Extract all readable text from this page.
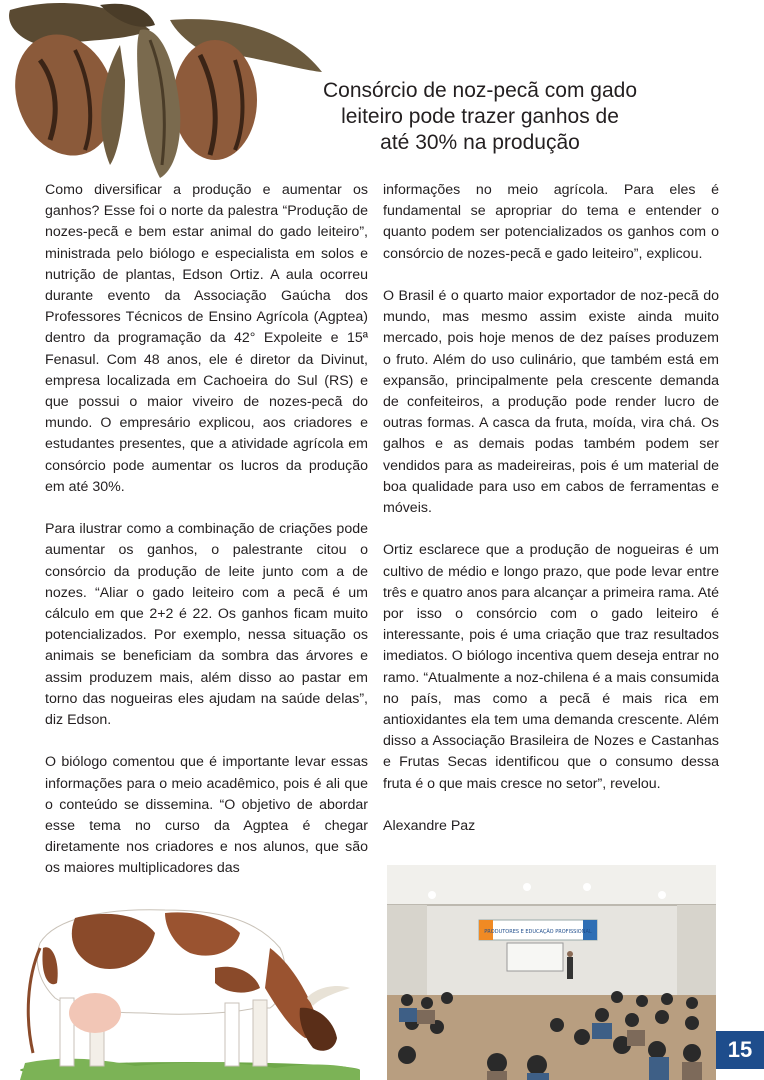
Consórcio de noz-pecã com gado
leiteiro pode trazer ganhos de
até 30% na produção

Como diversificar a produção e aumentar os ganhos? Esse foi o norte da palestra “Produção de nozes-pecã e bem estar animal do gado leiteiro”, ministrada pelo biólogo e especialista em solos e nutrição de plantas, Edson Ortiz. A aula ocorreu durante evento da Associação Gaúcha dos Professores Técnicos de Ensino Agrícola (Agptea) dentro da programação da 42° Expoleite e 15ª Fenasul. Com 48 anos, ele é diretor da Divinut, empresa localizada em Cachoeira do Sul (RS) e que possui o maior viveiro de nozes-pecã do mundo. O empresário explicou, aos criadores e estudantes presentes, que a atividade agrícola em consórcio pode aumentar os lucros da produção em até 30%.

Para ilustrar como a combinação de criações pode aumentar os ganhos, o palestrante citou o consórcio da produção de leite junto com a de nozes. “Aliar o gado leiteiro com a pecã é um cálculo em que 2+2 é 22. Os ganhos ficam muito potencializados. Por exemplo, nessa situação os animais se beneficiam da sombra das árvores e assim produzem mais, além disso ao pastar em torno das nogueiras eles ajudam na saúde delas”, diz Edson.

O biólogo comentou que é importante levar essas informações para o meio acadêmico, pois é ali que o conteúdo se dissemina. “O objetivo de abordar esse tema no curso da Agptea é chegar diretamente nos criadores e nos alunos, que são os maiores multiplicadores das

informações no meio agrícola. Para eles é fundamental se apropriar do tema e entender o quanto podem ser potencializados os ganhos com o consórcio de nozes-pecã e gado leiteiro”, explicou.

O Brasil é o quarto maior exportador de noz-pecã do mundo, mas mesmo assim existe ainda muito mercado, pois hoje menos de dez países produzem o fruto. Além do uso culinário, que também está em expansão, principalmente pela crescente demanda de confeiteiros, a produção pode render lucro de outras formas. A casca da fruta, moída, vira chá. Os galhos e as demais podas também podem ser vendidos para as madeireiras, pois é um material de boa qualidade para uso em cabos de ferramentas e móveis.

Ortiz esclarece que a produção de nogueiras é um cultivo de médio e longo prazo, que pode levar entre três e quatro anos para alcançar a primeira rama. Até por isso o consórcio com o gado leiteiro é interessante, pois é uma criação que traz resultados imediatos. O biólogo incentiva quem deseja entrar no ramo. “Atualmente a noz-chilena é a mais consumida no país, mas como a pecã é mais rica em antioxidantes ela tem uma demanda crescente. Além disso a Associação Brasileira de Nozes e Castanhas e Frutas Secas identificou que o consumo dessa fruta é o que mais cresce no setor”, revelou.

Alexandre Paz

PRODUTORES E EDUCAÇÃO PROFISSIONAL
15
